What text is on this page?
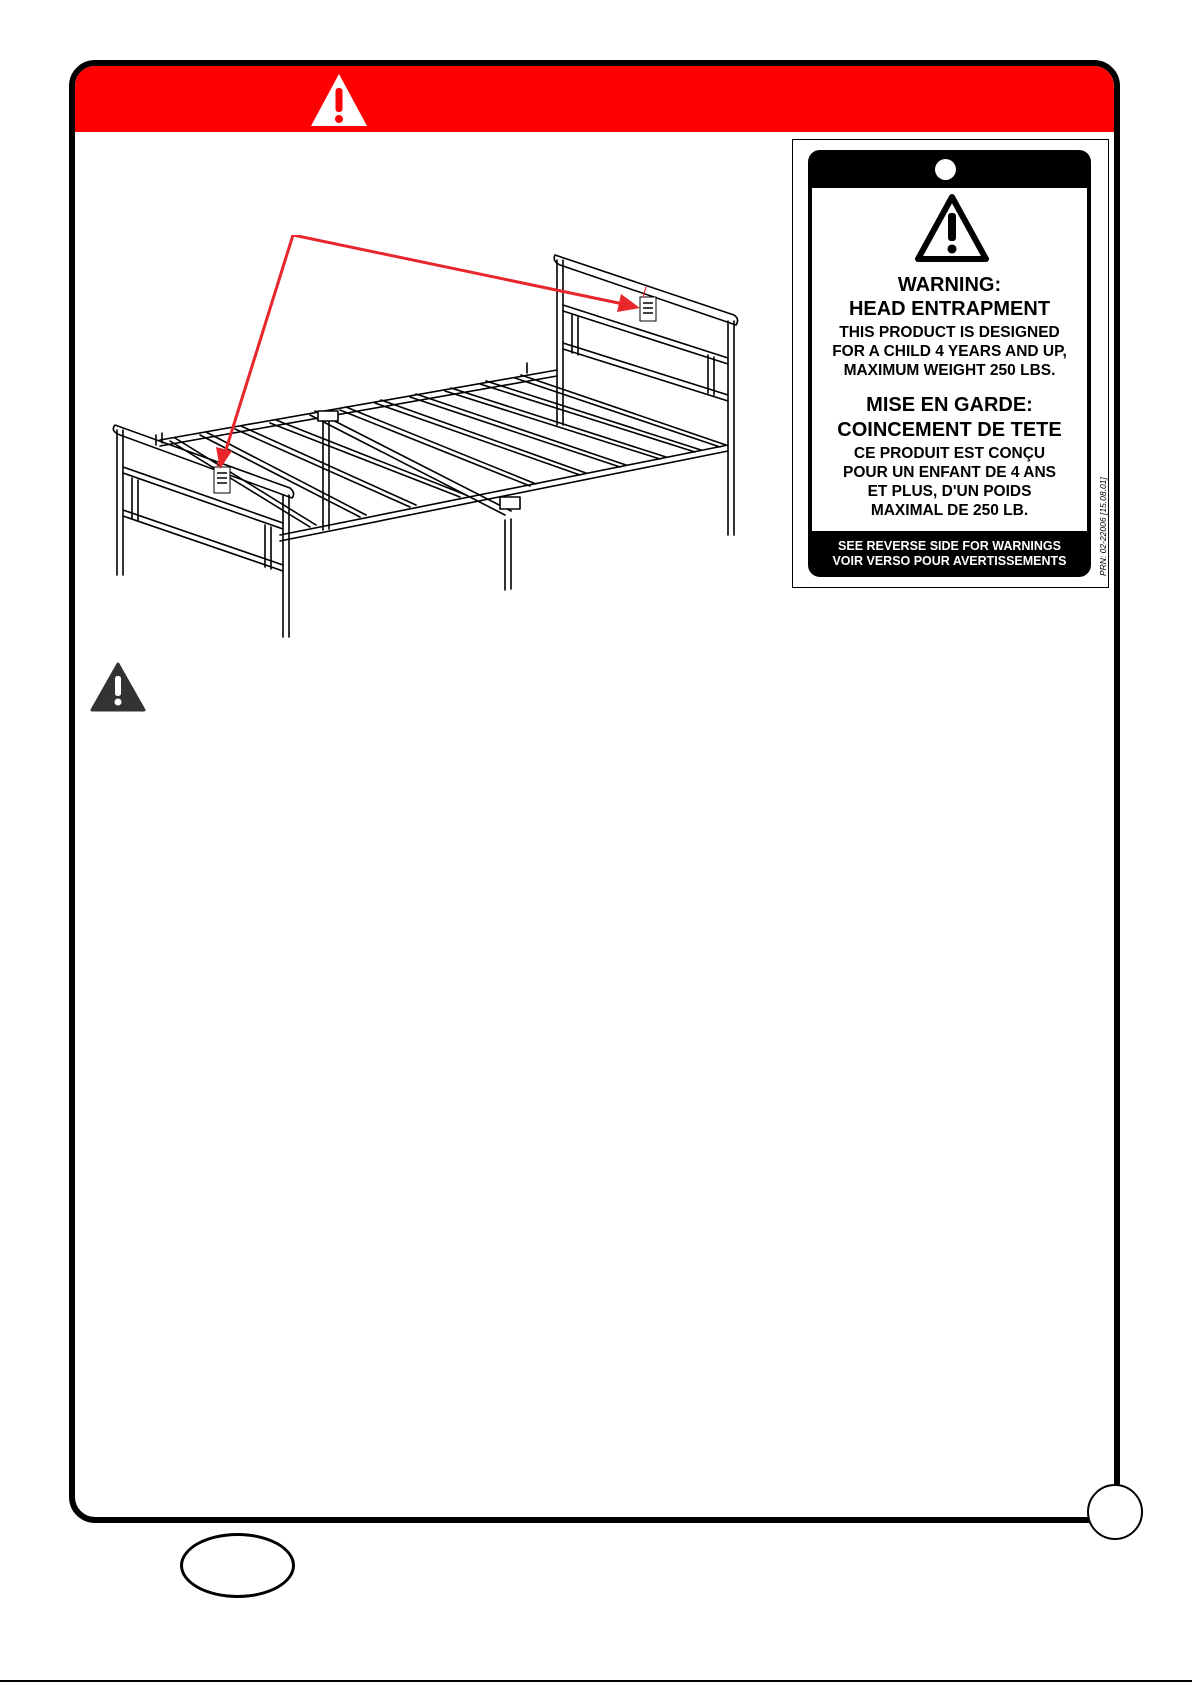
WARNING:

HEAD ENTRAPMENT

THIS PRODUCT IS DESIGNED

FOR A CHILD 4 YEARS AND UP,

MAXIMUM WEIGHT 250 LBS.

MISE EN GARDE:

COINCEMENT DE TETE

CE PRODUIT EST CONÇU

POUR UN ENFANT DE 4 ANS

ET PLUS, D'UN POIDS

MAXIMAL DE 250 LB.

SEE REVERSE SIDE FOR WARNINGS
VOIR VERSO POUR AVERTISSEMENTS	PRN: 02-22006 [15.08.01]
